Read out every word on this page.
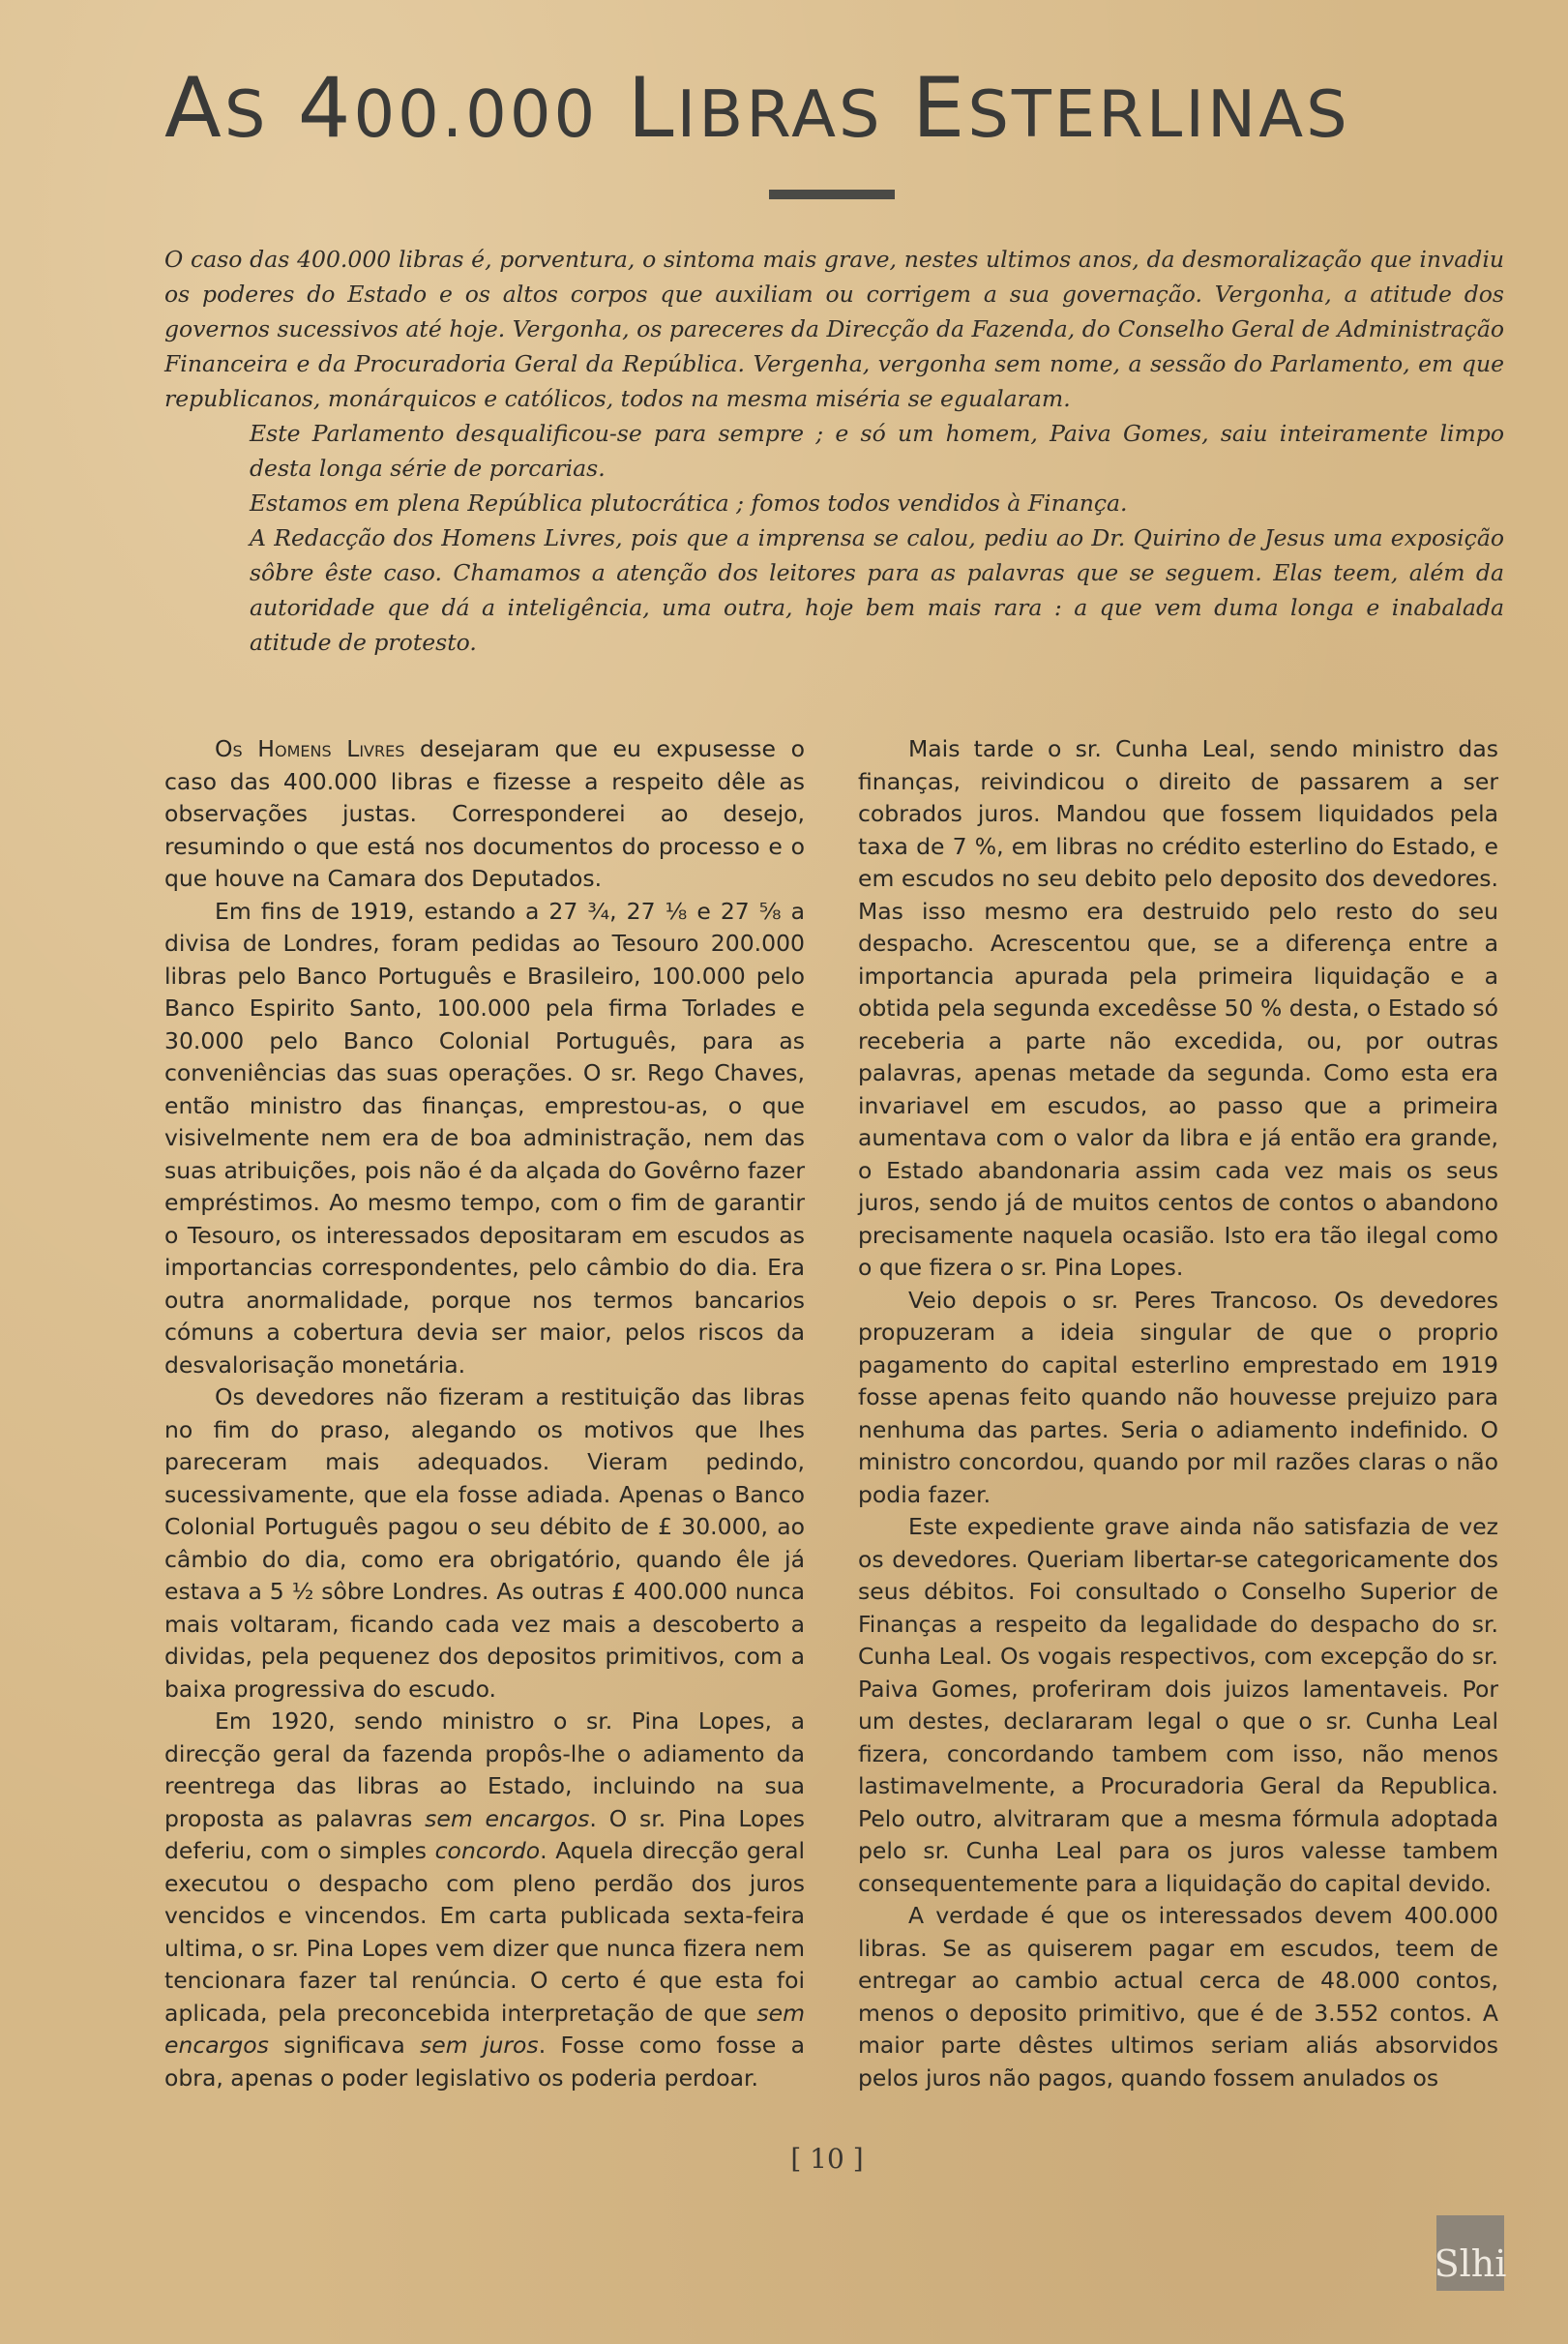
AS 400.000 LIBRAS ESTERLINAS

O caso das 400.000 libras é, porventura, o sintoma mais grave, nestes ultimos anos, da desmoralização que invadiu os poderes do Estado e os altos corpos que auxiliam ou corrigem a sua governação. Vergonha, a atitude dos governos sucessivos até hoje. Vergonha, os pareceres da Direcção da Fazenda, do Conselho Geral de Administração Financeira e da Procuradoria Geral da República. Vergenha, vergonha sem nome, a sessão do Parlamento, em que republicanos, monárquicos e católicos, todos na mesma miséria se egualaram.

Este Parlamento desqualificou-se para sempre ; e só um homem, Paiva Gomes, saiu inteiramente limpo desta longa série de porcarias.

Estamos em plena República plutocrática ; fomos todos vendidos à Finança.

A Redacção dos Homens Livres, pois que a imprensa se calou, pediu ao Dr. Quirino de Jesus uma exposição sôbre êste caso. Chamamos a atenção dos leitores para as palavras que se seguem. Elas teem, além da autoridade que dá a inteligência, uma outra, hoje bem mais rara : a que vem duma longa e inabalada atitude de protesto.

Os Homens Livres desejaram que eu expusesse o caso das 400.000 libras e fizesse a respeito dêle as observações justas. Corresponderei ao desejo, resumindo o que está nos documentos do processo e o que houve na Camara dos Deputados.

Em fins de 1919, estando a 27 ¾, 27 ⅛ e 27 ⅝ a divisa de Londres, foram pedidas ao Tesouro 200.000 libras pelo Banco Português e Brasileiro, 100.000 pelo Banco Espirito Santo, 100.000 pela firma Torlades e 30.000 pelo Banco Colonial Português, para as conveniências das suas operações. O sr. Rego Chaves, então ministro das finanças, emprestou-as, o que visivelmente nem era de boa administração, nem das suas atribuições, pois não é da alçada do Govêrno fazer empréstimos. Ao mesmo tempo, com o fim de garantir o Tesouro, os interessados depositaram em escudos as importancias correspondentes, pelo câmbio do dia. Era outra anormalidade, porque nos termos bancarios cómuns a cobertura devia ser maior, pelos riscos da desvalorisação monetária.

Os devedores não fizeram a restituição das libras no fim do praso, alegando os motivos que lhes pareceram mais adequados. Vieram pedindo, sucessivamente, que ela fosse adiada. Apenas o Banco Colonial Português pagou o seu débito de £ 30.000, ao câmbio do dia, como era obrigatório, quando êle já estava a 5 ½ sôbre Londres. As outras £ 400.000 nunca mais voltaram, ficando cada vez mais a descoberto a dividas, pela pequenez dos depositos primitivos, com a baixa progressiva do escudo.

Em 1920, sendo ministro o sr. Pina Lopes, a direcção geral da fazenda propôs-lhe o adiamento da reentrega das libras ao Estado, incluindo na sua proposta as palavras sem encargos. O sr. Pina Lopes deferiu, com o simples concordo. Aquela direcção geral executou o despacho com pleno perdão dos juros vencidos e vincendos. Em carta publicada sexta-feira ultima, o sr. Pina Lopes vem dizer que nunca fizera nem tencionara fazer tal renúncia. O certo é que esta foi aplicada, pela preconcebida interpretação de que sem encargos significava sem juros. Fosse como fosse a obra, apenas o poder legislativo os poderia perdoar.

Mais tarde o sr. Cunha Leal, sendo ministro das finanças, reivindicou o direito de passarem a ser cobrados juros. Mandou que fossem liquidados pela taxa de 7 %, em libras no crédito esterlino do Estado, e em escudos no seu debito pelo deposito dos devedores. Mas isso mesmo era destruido pelo resto do seu despacho. Acrescentou que, se a diferença entre a importancia apurada pela primeira liquidação e a obtida pela segunda excedêsse 50 % desta, o Estado só receberia a parte não excedida, ou, por outras palavras, apenas metade da segunda. Como esta era invariavel em escudos, ao passo que a primeira aumentava com o valor da libra e já então era grande, o Estado abandonaria assim cada vez mais os seus juros, sendo já de muitos centos de contos o abandono precisamente naquela ocasião. Isto era tão ilegal como o que fizera o sr. Pina Lopes.

Veio depois o sr. Peres Trancoso. Os devedores propuzeram a ideia singular de que o proprio pagamento do capital esterlino emprestado em 1919 fosse apenas feito quando não houvesse prejuizo para nenhuma das partes. Seria o adiamento indefinido. O ministro concordou, quando por mil razões claras o não podia fazer.

Este expediente grave ainda não satisfazia de vez os devedores. Queriam libertar-se categoricamente dos seus débitos. Foi consultado o Conselho Superior de Finanças a respeito da legalidade do despacho do sr. Cunha Leal. Os vogais respectivos, com excepção do sr. Paiva Gomes, proferiram dois juizos lamentaveis. Por um destes, declararam legal o que o sr. Cunha Leal fizera, concordando tambem com isso, não menos lastimavelmente, a Procuradoria Geral da Republica. Pelo outro, alvitraram que a mesma fórmula adoptada pelo sr. Cunha Leal para os juros valesse tambem consequentemente para a liquidação do capital devido.

A verdade é que os interessados devem 400.000 libras. Se as quiserem pagar em escudos, teem de entregar ao cambio actual cerca de 48.000 contos, menos o deposito primitivo, que é de 3.552 contos. A maior parte dêstes ultimos seriam aliás absorvidos pelos juros não pagos, quando fossem anulados os

[ 10 ]
Slhi
